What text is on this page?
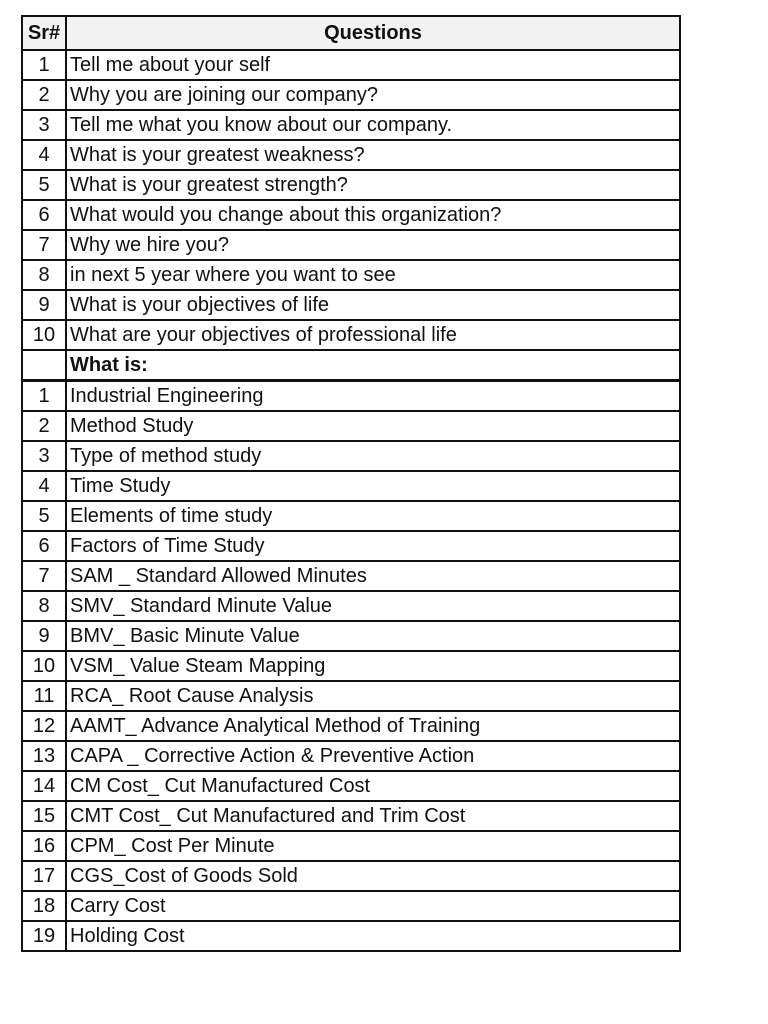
Sr#	Questions
1	Tell me about your self
2	Why you are joining our company?
3	Tell me what you know about our company.
4	What is your greatest weakness?
5	What is your greatest strength?
6	What would you change about this organization?
7	Why we hire you?
8	in next 5 year where you want to see
9	What is your objectives of life
10	What are your objectives of professional life
	What is:
1	Industrial Engineering
2	Method Study
3	Type of method study
4	Time Study
5	Elements of time study
6	Factors of Time Study
7	SAM _ Standard Allowed Minutes
8	SMV_ Standard Minute Value
9	BMV_ Basic Minute Value
10	VSM_ Value Steam Mapping
11	RCA_ Root Cause Analysis
12	AAMT_ Advance Analytical Method of Training
13	CAPA _ Corrective Action & Preventive Action
14	CM Cost_ Cut Manufactured Cost
15	CMT Cost_ Cut Manufactured and Trim Cost
16	CPM_ Cost Per Minute
17	CGS_Cost of Goods Sold
18	Carry Cost
19	Holding Cost
